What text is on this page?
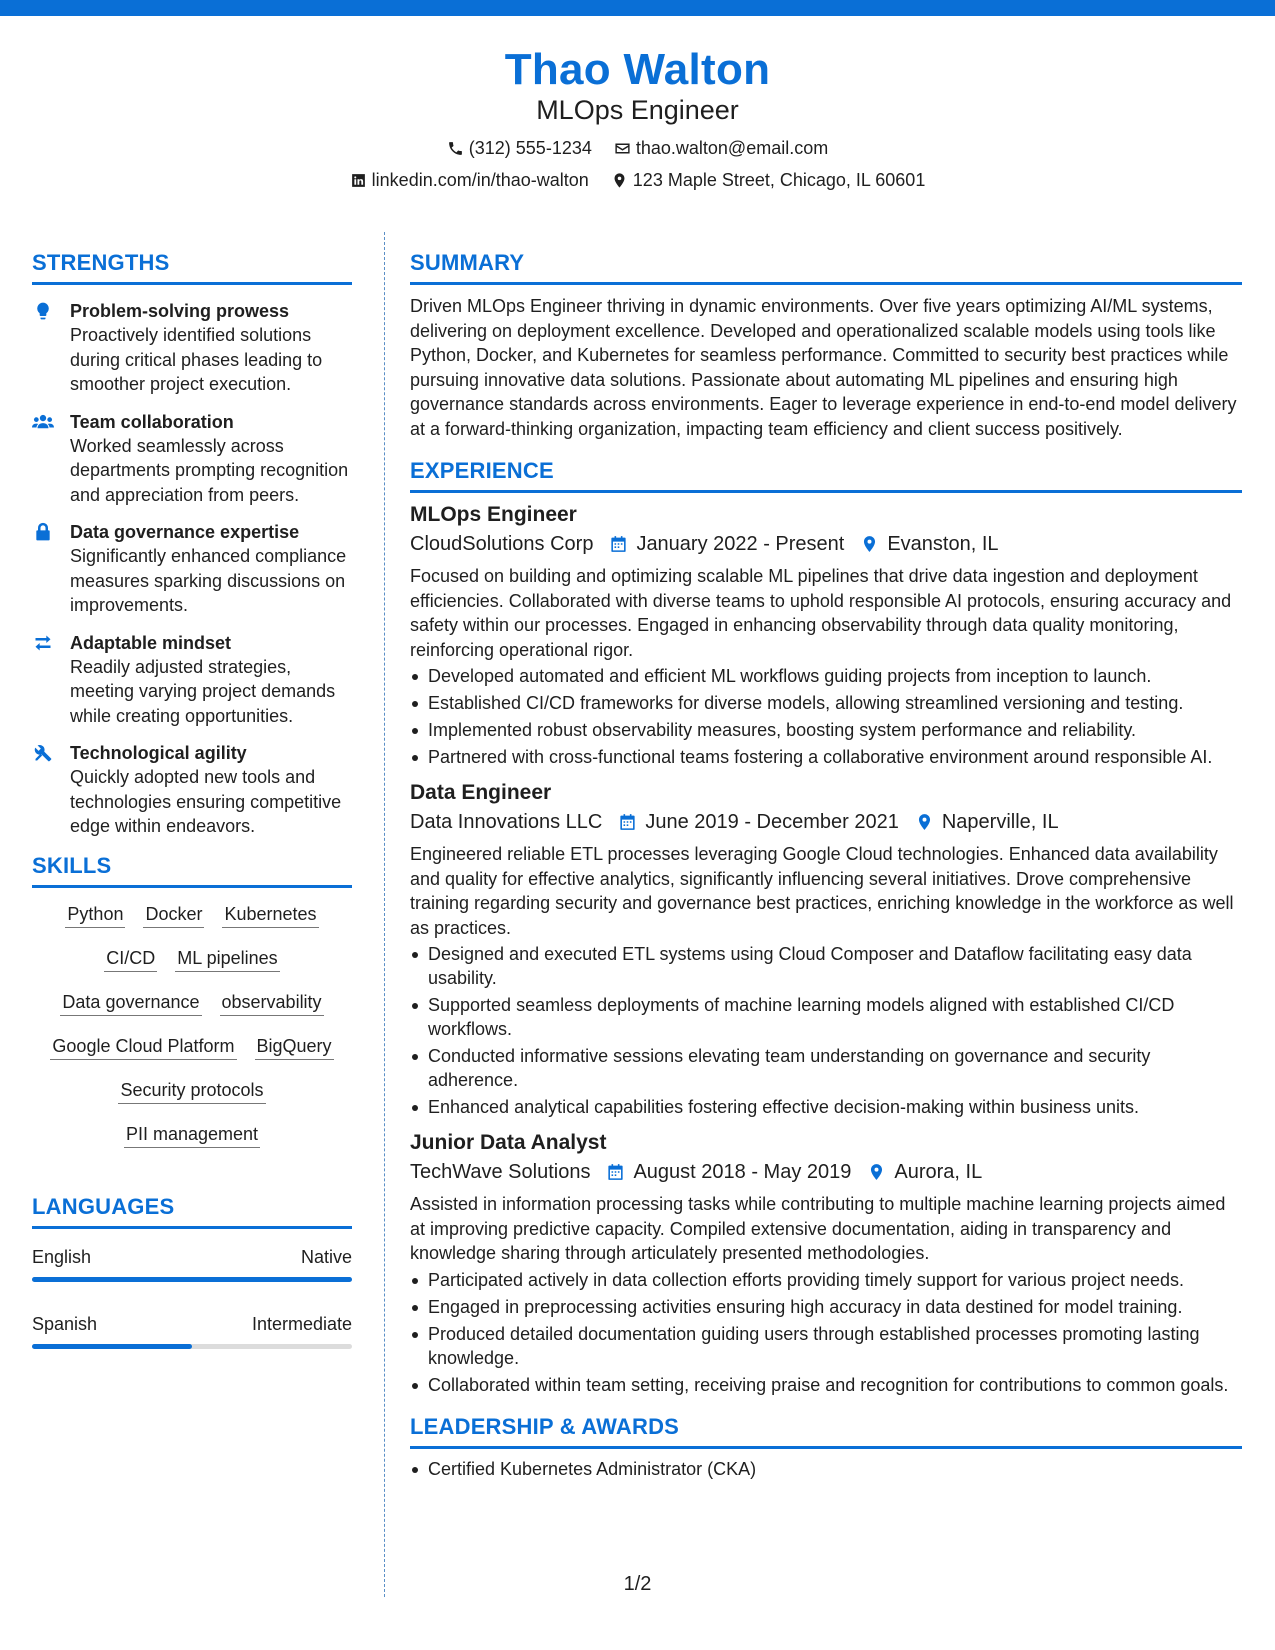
Thao Walton
MLOps Engineer
(312) 555-1234 thao.walton@email.com
linkedin.com/in/thao-walton 123 Maple Street, Chicago, IL 60601
STRENGTHS
Problem-solving prowess
Proactively identified solutions during critical phases leading to smoother project execution.
Team collaboration
Worked seamlessly across departments prompting recognition and appreciation from peers.
Data governance expertise
Significantly enhanced compliance measures sparking discussions on improvements.
Adaptable mindset
Readily adjusted strategies, meeting varying project demands while creating opportunities.
Technological agility
Quickly adopted new tools and technologies ensuring competitive edge within endeavors.
SKILLS
Python Docker Kubernetes
CI/CD ML pipelines
Data governance observability
Google Cloud Platform BigQuery
Security protocols
PII management
LANGUAGES
English	Native
Spanish	Intermediate
SUMMARY
Driven MLOps Engineer thriving in dynamic environments. Over five years optimizing AI/ML systems, delivering on deployment excellence. Developed and operationalized scalable models using tools like Python, Docker, and Kubernetes for seamless performance. Committed to security best practices while pursuing innovative data solutions. Passionate about automating ML pipelines and ensuring high governance standards across environments. Eager to leverage experience in end-to-end model delivery at a forward-thinking organization, impacting team efficiency and client success positively.
EXPERIENCE
MLOps Engineer
CloudSolutions Corp January 2022 - Present Evanston, IL
Focused on building and optimizing scalable ML pipelines that drive data ingestion and deployment efficiencies. Collaborated with diverse teams to uphold responsible AI protocols, ensuring accuracy and safety within our processes. Engaged in enhancing observability through data quality monitoring, reinforcing operational rigor.
Developed automated and efficient ML workflows guiding projects from inception to launch.
Established CI/CD frameworks for diverse models, allowing streamlined versioning and testing.
Implemented robust observability measures, boosting system performance and reliability.
Partnered with cross-functional teams fostering a collaborative environment around responsible AI.
Data Engineer
Data Innovations LLC June 2019 - December 2021 Naperville, IL
Engineered reliable ETL processes leveraging Google Cloud technologies. Enhanced data availability and quality for effective analytics, significantly influencing several initiatives. Drove comprehensive training regarding security and governance best practices, enriching knowledge in the workforce as well as practices.
Designed and executed ETL systems using Cloud Composer and Dataflow facilitating easy data usability.
Supported seamless deployments of machine learning models aligned with established CI/CD workflows.
Conducted informative sessions elevating team understanding on governance and security adherence.
Enhanced analytical capabilities fostering effective decision-making within business units.
Junior Data Analyst
TechWave Solutions August 2018 - May 2019 Aurora, IL
Assisted in information processing tasks while contributing to multiple machine learning projects aimed at improving predictive capacity. Compiled extensive documentation, aiding in transparency and knowledge sharing through articulately presented methodologies.
Participated actively in data collection efforts providing timely support for various project needs.
Engaged in preprocessing activities ensuring high accuracy in data destined for model training.
Produced detailed documentation guiding users through established processes promoting lasting knowledge.
Collaborated within team setting, receiving praise and recognition for contributions to common goals.
LEADERSHIP & AWARDS
Certified Kubernetes Administrator (CKA)
1/2
